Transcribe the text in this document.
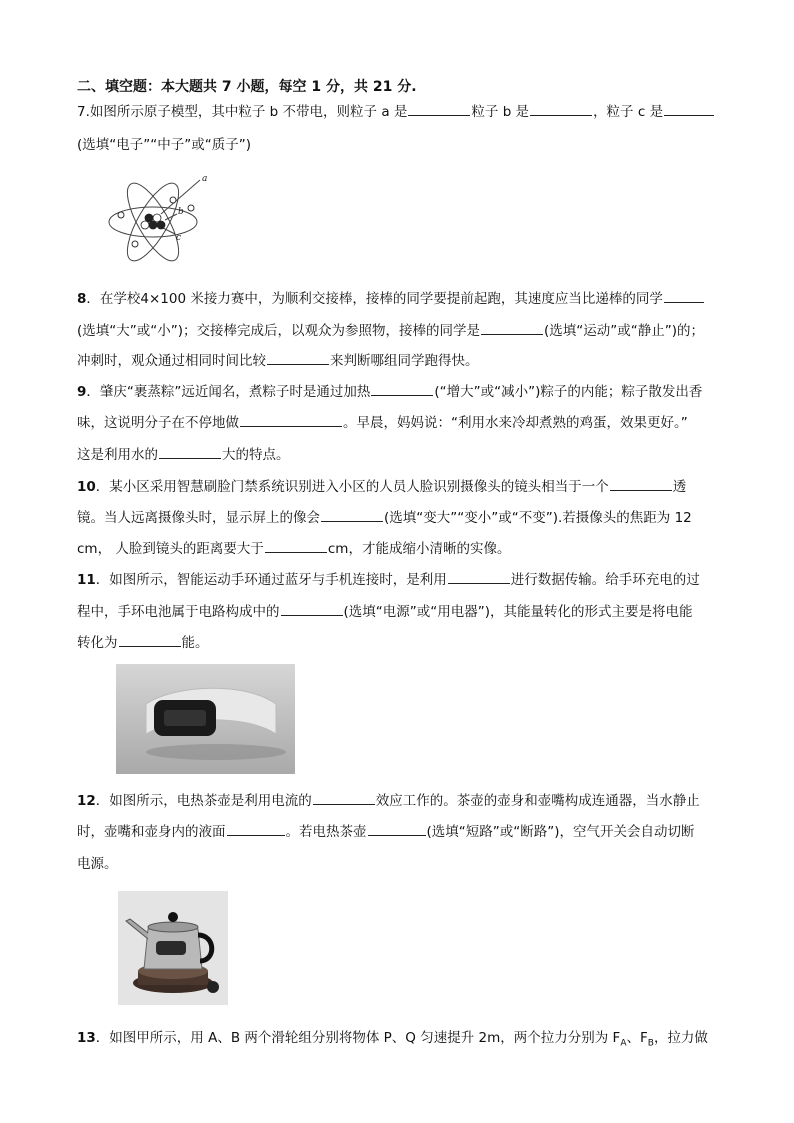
二、填空题：本大题共 7 小题，每空 1 分，共 21 分.
7.如图所示原子模型，其中粒子 b 不带电，则粒子 a 是	粒子 b 是	，粒子 c 是
(选填“电子”“中子”或“质子”)
a
b
c
8．在学校4×100 米接力赛中，为顺利交接棒，接棒的同学要提前起跑，其速度应当比递棒的同学
(选填“大”或“小”)；交接棒完成后，以观众为参照物，接棒的同学是	(选填“运动”或“静止”)的；
冲刺时，观众通过相同时间比较	来判断哪组同学跑得快。
9．肇庆“裹蒸粽”远近闻名，煮粽子时是通过加热	(“增大”或“减小”)粽子的内能；粽子散发出香
味，这说明分子在不停地做	。早晨，妈妈说：“利用水来冷却煮熟的鸡蛋，效果更好。”
这是利用水的	大的特点。
10．某小区采用智慧刷脸门禁系统识别进入小区的人员人脸识别摄像头的镜头相当于一个	透
镜。当人远离摄像头时，显示屏上的像会	(选填“变大”“变小”或“不变”).若摄像头的焦距为 12
cm， 人脸到镜头的距离要大于	cm，才能成缩小清晰的实像。
11．如图所示，智能运动手环通过蓝牙与手机连接时，是利用	进行数据传输。给手环充电的过
程中，手环电池属于电路构成中的	(选填“电源”或“用电器”)，其能量转化的形式主要是将电能
转化为	能。
12．如图所示，电热茶壶是利用电流的	效应工作的。茶壶的壶身和壶嘴构成连通器，当水静止
时，壶嘴和壶身内的液面	。若电热茶壶	(选填“短路”或“断路”)，空气开关会自动切断
电源。
13．如图甲所示，用 A、B 两个滑轮组分别将物体 P、Q 匀速提升 2m，两个拉力分别为 $F_A$、$F_B$，拉力做
